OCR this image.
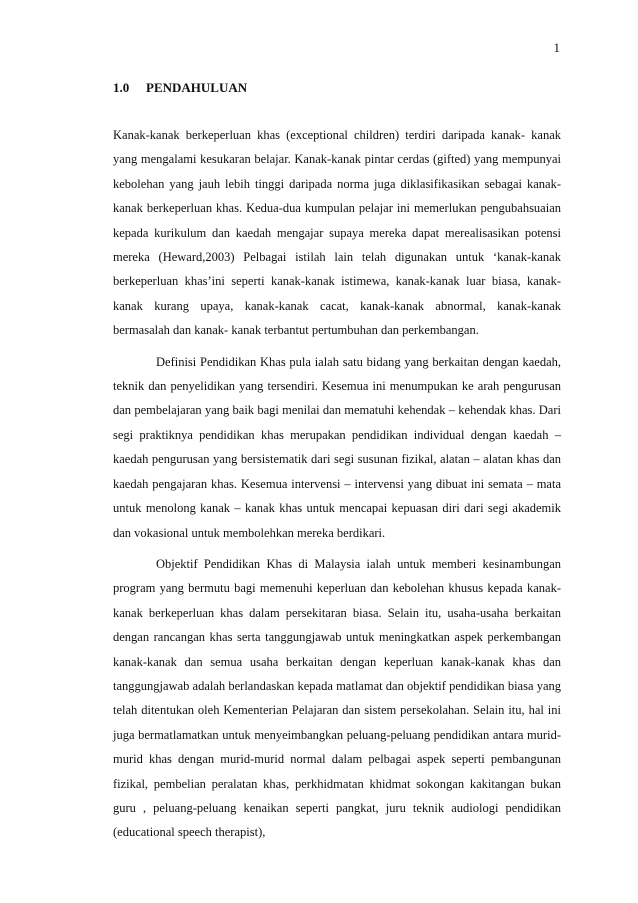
1
1.0 PENDAHULUAN

Kanak-kanak berkeperluan khas (exceptional children) terdiri daripada kanak- kanak yang mengalami kesukaran belajar. Kanak-kanak pintar cerdas (gifted) yang mempunyai kebolehan yang jauh lebih tinggi daripada norma juga diklasifikasikan sebagai kanak-kanak berkeperluan khas. Kedua-dua kumpulan pelajar ini memerlukan pengubahsuaian kepada kurikulum dan kaedah mengajar supaya mereka dapat merealisasikan potensi mereka (Heward,2003) Pelbagai istilah lain telah digunakan untuk ‘kanak-kanak berkeperluan khas’ini seperti kanak-kanak istimewa, kanak-kanak luar biasa, kanak-kanak kurang upaya, kanak-kanak cacat, kanak-kanak abnormal, kanak-kanak bermasalah dan kanak- kanak terbantut pertumbuhan dan perkembangan.

Definisi Pendidikan Khas pula ialah satu bidang yang berkaitan dengan kaedah, teknik dan penyelidikan yang tersendiri. Kesemua ini menumpukan ke arah pengurusan dan pembelajaran yang baik bagi menilai dan mematuhi kehendak – kehendak khas. Dari segi praktiknya pendidikan khas merupakan pendidikan individual dengan kaedah – kaedah pengurusan yang bersistematik dari segi susunan fizikal, alatan – alatan khas dan kaedah pengajaran khas. Kesemua intervensi – intervensi yang dibuat ini semata – mata untuk menolong kanak – kanak khas untuk mencapai kepuasan diri dari segi akademik dan vokasional untuk membolehkan mereka berdikari.

Objektif Pendidikan Khas di Malaysia ialah untuk memberi kesinambungan program yang bermutu bagi memenuhi keperluan dan kebolehan khusus kepada kanak-kanak berkeperluan khas dalam persekitaran biasa. Selain itu, usaha-usaha berkaitan dengan rancangan khas serta tanggungjawab untuk meningkatkan aspek perkembangan kanak-kanak dan semua usaha berkaitan dengan keperluan kanak-kanak khas dan tanggungjawab adalah berlandaskan kepada matlamat dan objektif pendidikan biasa yang telah ditentukan oleh Kementerian Pelajaran dan sistem persekolahan. Selain itu, hal ini juga bermatlamatkan untuk menyeimbangkan peluang-peluang pendidikan antara murid-murid khas dengan murid-murid normal dalam pelbagai aspek seperti pembangunan fizikal, pembelian peralatan khas, perkhidmatan khidmat sokongan kakitangan bukan guru , peluang-peluang kenaikan seperti pangkat, juru teknik audiologi pendidikan (educational speech therapist),
